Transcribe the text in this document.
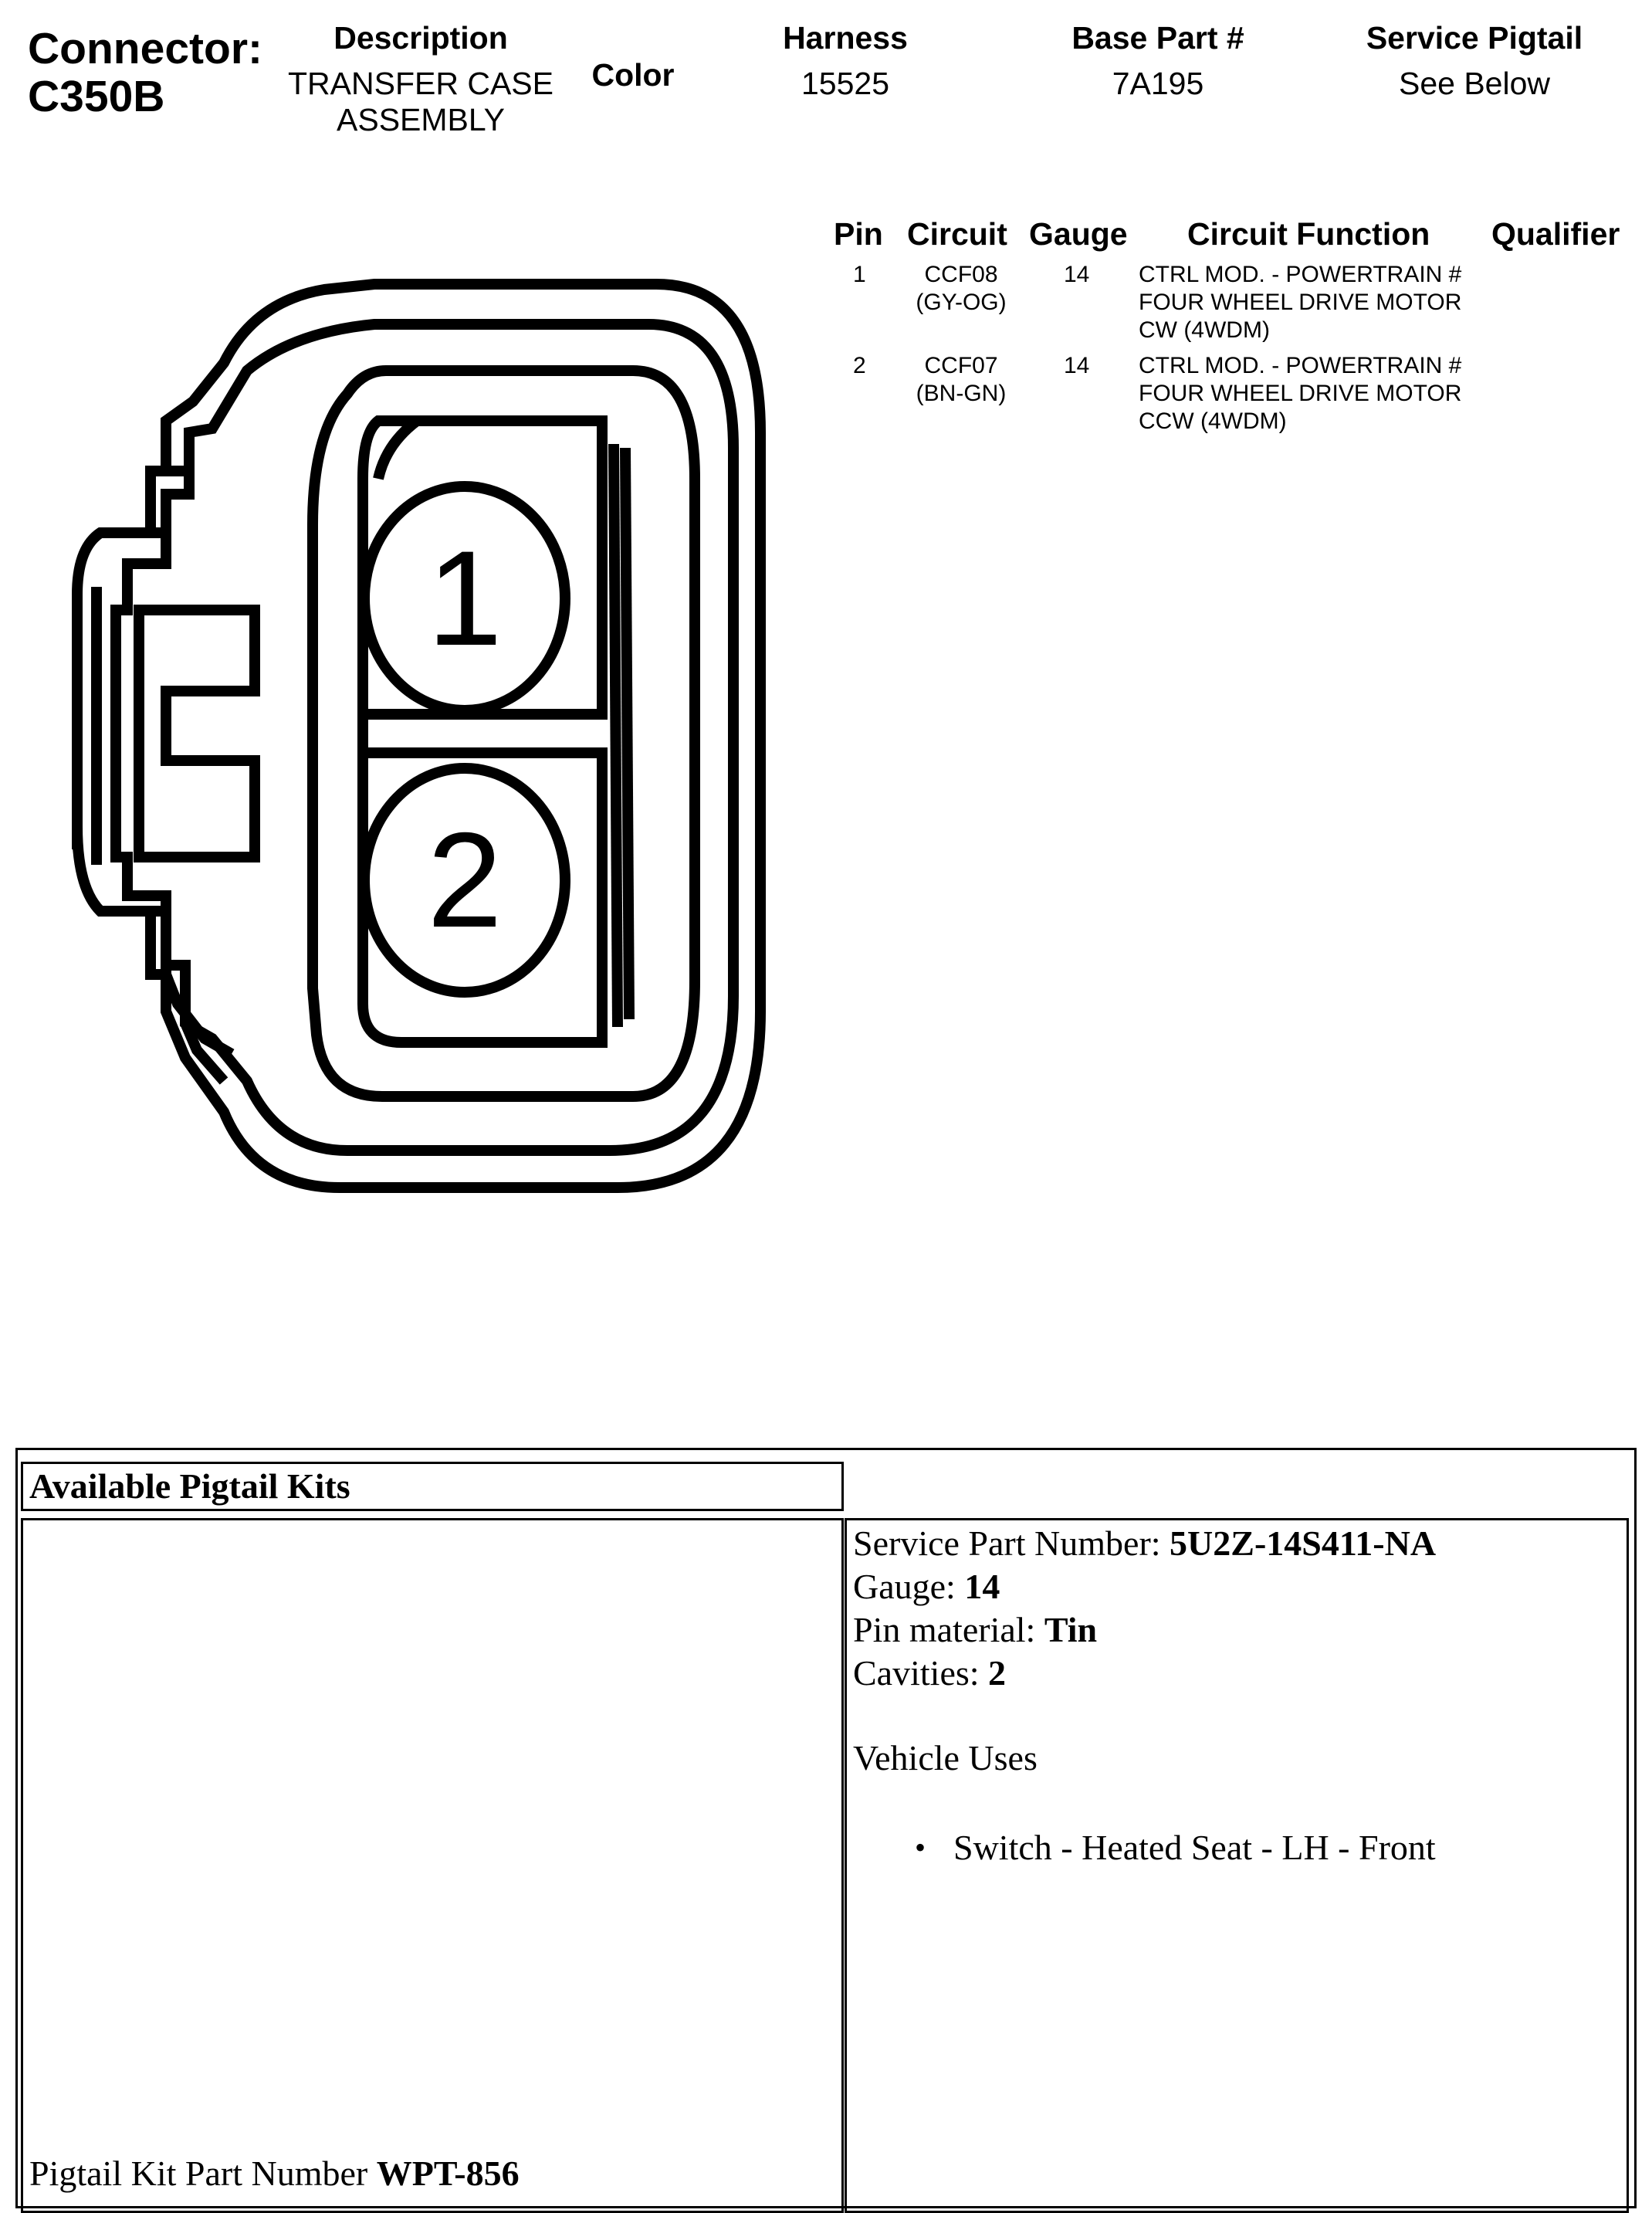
Connector:
C350B
Description
TRANSFER CASE
ASSEMBLY
Color
Harness
15525
Base Part #
7A195
Service Pigtail
See Below
Pin Circuit Gauge Circuit Function Qualifier
1	CCF08
(GY-OG)
14 CTRL MOD. - POWERTRAIN #
FOUR WHEEL DRIVE MOTOR
CW (4WDM)
2	CCF07
(BN-GN)
14 CTRL MOD. - POWERTRAIN #
FOUR WHEEL DRIVE MOTOR
CCW (4WDM)
1
2
Available Pigtail Kits
Pigtail Kit Part Number WPT-856
Service Part Number: 5U2Z-14S411-NA
Gauge: 14
Pin material: Tin
Cavities: 2
Vehicle Uses
• Switch - Heated Seat - LH - Front
